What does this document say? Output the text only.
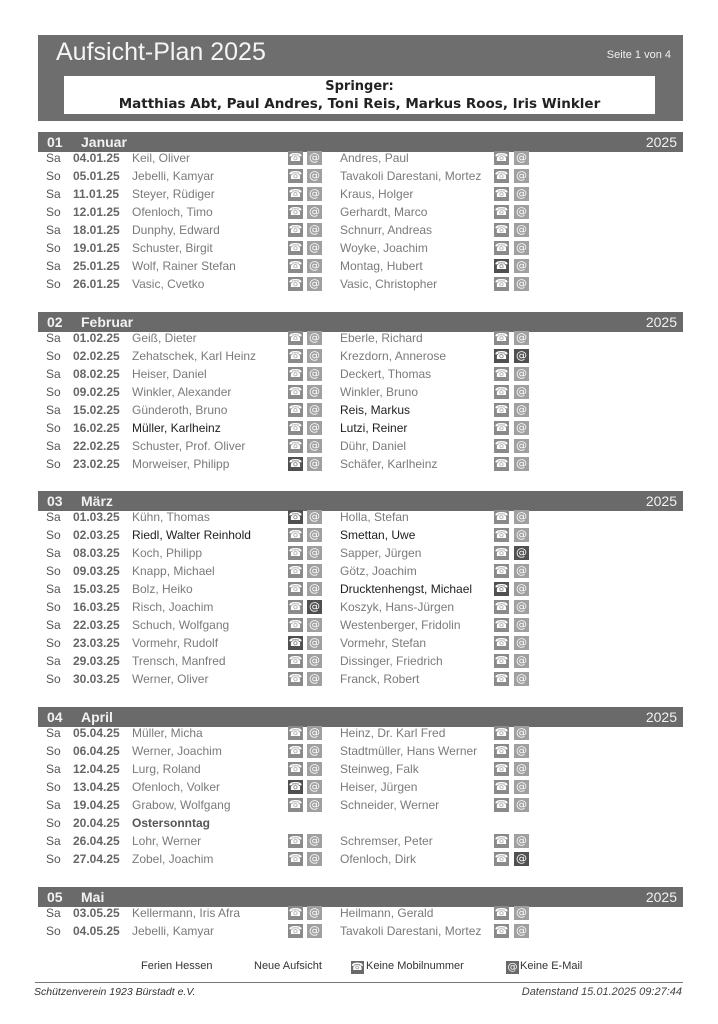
Aufsicht-Plan 2025	Seite 1 von 4
Springer:
Matthias Abt, Paul Andres, Toni Reis, Markus Roos, Iris Winkler
01 Januar	2025
Sa 04.01.25 Keil, Oliver	☎ @ Andres, Paul	☎ @
So 05.01.25 Jebelli, Kamyar	☎ @ Tavakoli Darestani, Mortez ☎ @
Sa 11.01.25 Steyer, Rüdiger	☎ @ Kraus, Holger	☎ @
So 12.01.25 Ofenloch, Timo	☎ @ Gerhardt, Marco	☎ @
Sa 18.01.25 Dunphy, Edward	☎ @ Schnurr, Andreas	☎ @
So 19.01.25 Schuster, Birgit	☎ @ Woyke, Joachim	☎ @
Sa 25.01.25 Wolf, Rainer Stefan	☎ @ Montag, Hubert	☎ @
So 26.01.25 Vasic, Cvetko	☎ @ Vasic, Christopher	☎ @
02 Februar	2025
Sa 01.02.25 Geiß, Dieter	☎ @ Eberle, Richard	☎ @
So 02.02.25 Zehatschek, Karl Heinz	☎ @ Krezdorn, Annerose	☎ @
Sa 08.02.25 Heiser, Daniel	☎ @ Deckert, Thomas	☎ @
So 09.02.25 Winkler, Alexander	☎ @ Winkler, Bruno	☎ @
Sa 15.02.25 Günderoth, Bruno	☎ @ Reis, Markus	☎ @
So 16.02.25 Müller, Karlheinz	☎ @ Lutzi, Reiner	☎ @
Sa 22.02.25 Schuster, Prof. Oliver	☎ @ Dühr, Daniel	☎ @
So 23.02.25 Morweiser, Philipp	☎ @ Schäfer, Karlheinz	☎ @
03 März	2025
Sa 01.03.25 Kühn, Thomas	☎ @ Holla, Stefan	☎ @
So 02.03.25 Riedl, Walter Reinhold	☎ @ Smettan, Uwe	☎ @
Sa 08.03.25 Koch, Philipp	☎ @ Sapper, Jürgen	☎ @
So 09.03.25 Knapp, Michael	☎ @ Götz, Joachim	☎ @
Sa 15.03.25 Bolz, Heiko	☎ @ Drucktenhengst, Michael ☎ @
So 16.03.25 Risch, Joachim	☎ @ Koszyk, Hans-Jürgen	☎ @
Sa 22.03.25 Schuch, Wolfgang	☎ @ Westenberger, Fridolin	☎ @
So 23.03.25 Vormehr, Rudolf	☎ @ Vormehr, Stefan	☎ @
Sa 29.03.25 Trensch, Manfred	☎ @ Dissinger, Friedrich	☎ @
So 30.03.25 Werner, Oliver	☎ @ Franck, Robert	☎ @
04 April	2025
Sa 05.04.25 Müller, Micha	☎ @ Heinz, Dr. Karl Fred	☎ @
So 06.04.25 Werner, Joachim	☎ @ Stadtmüller, Hans Werner ☎ @
Sa 12.04.25 Lurg, Roland	☎ @ Steinweg, Falk	☎ @
So 13.04.25 Ofenloch, Volker	☎ @ Heiser, Jürgen	☎ @
Sa 19.04.25 Grabow, Wolfgang	☎ @ Schneider, Werner	☎ @
So 20.04.25 Ostersonntag
Sa 26.04.25 Lohr, Werner	☎ @ Schremser, Peter	☎ @
So 27.04.25 Zobel, Joachim	☎ @ Ofenloch, Dirk	☎ @
05 Mai	2025
Sa 03.05.25 Kellermann, Iris Afra	☎ @ Heilmann, Gerald	☎ @
So 04.05.25 Jebelli, Kamyar	☎ @ Tavakoli Darestani, Mortez ☎ @
Ferien Hessen	Neue Aufsicht	☎ Keine Mobilnummer	@ Keine E-Mail
Schützenverein 1923 Bürstadt e.V.	Datenstand 15.01.2025 09:27:44
